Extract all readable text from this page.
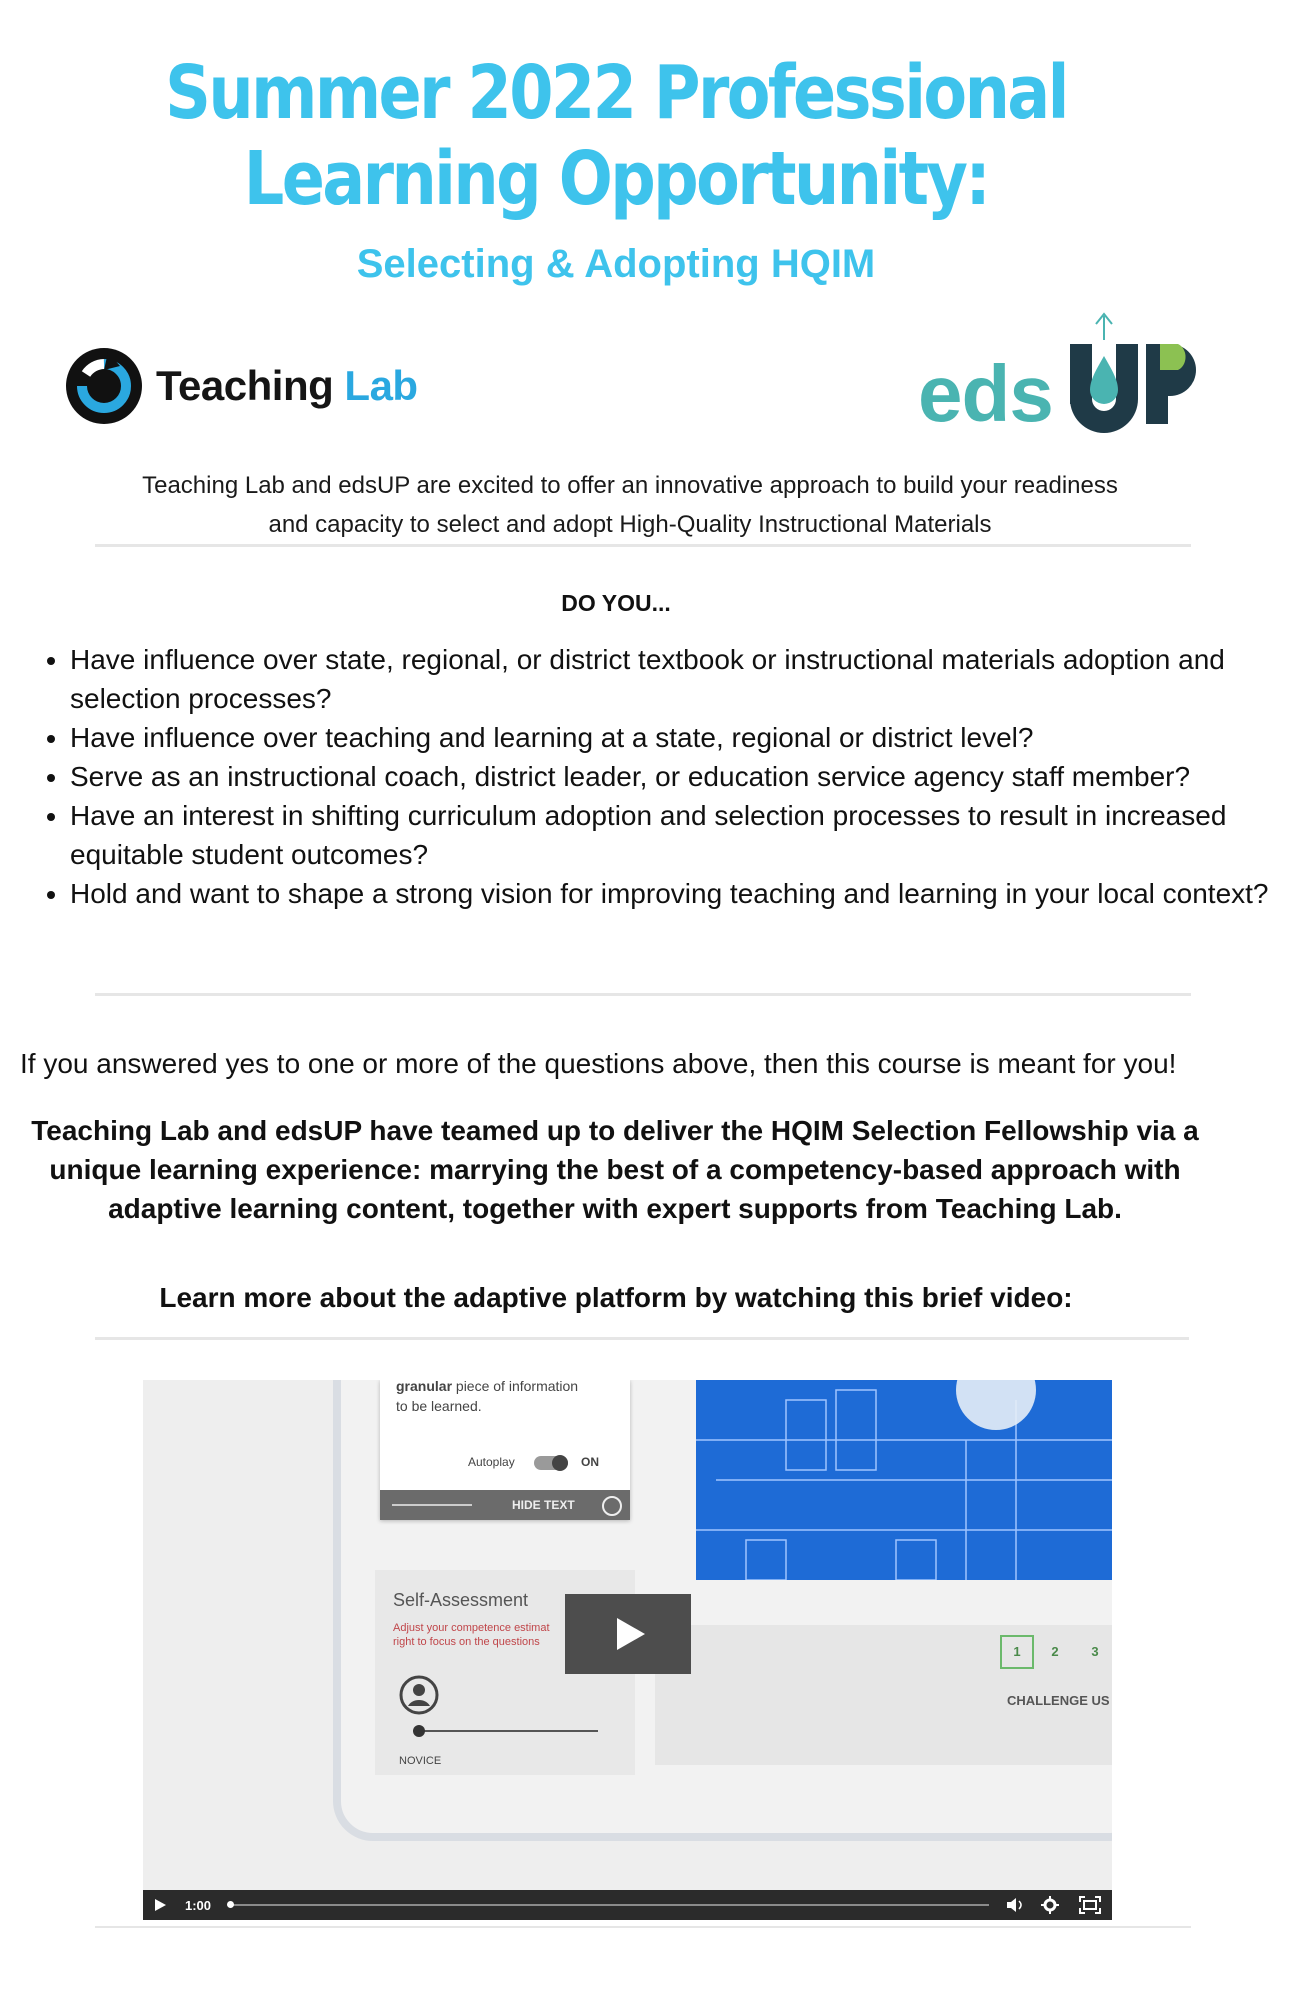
Summer 2022 Professional
Learning Opportunity:
Selecting & Adopting HQIM
Teaching Lab	eds
Teaching Lab and edsUP are excited to offer an innovative approach to build your readiness
and capacity to select and adopt High-Quality Instructional Materials
DO YOU...
• Have influence over state, regional, or district textbook or instructional materials adoption and selection processes?
• Have influence over teaching and learning at a state, regional or district level?
• Serve as an instructional coach, district leader, or education service agency staff member?
• Have an interest in shifting curriculum adoption and selection processes to result in increased equitable student outcomes?
• Hold and want to shape a strong vision for improving teaching and learning in your local context?
If you answered yes to one or more of the questions above, then this course is meant for you!
Teaching Lab and edsUP have teamed up to deliver the HQIM Selection Fellowship via a unique learning experience: marrying the best of a competency-based approach with adaptive learning content, together with expert supports from Teaching Lab.
Learn more about the adaptive platform by watching this brief video:
granular piece of information
to be learned.
Autoplay	ON
HIDE TEXT
Self-Assessment
Adjust your competence estimat
right to focus on the questions
NOVICE
1	2	3
CHALLENGE US
1:00
